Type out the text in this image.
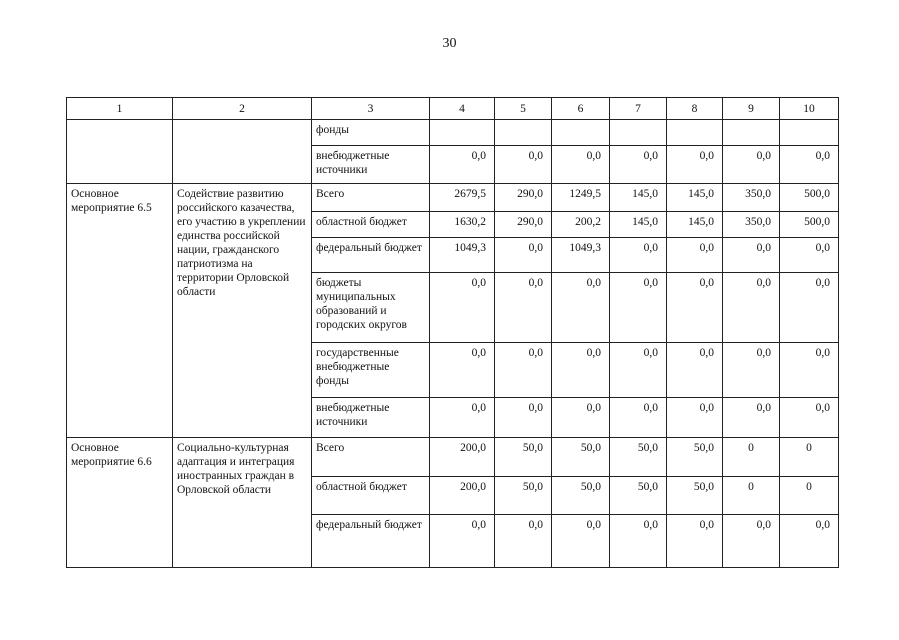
30
1	2	3	4	5	6	7	8	9	10
		фонды							
		внебюджетные источники	0,0	0,0	0,0	0,0	0,0	0,0	0,0
Основное мероприятие 6.5	Содействие развитию российского казачества, его участию в укреплении единства российской нации, гражданского патриотизма на территории Орловской области	Всего	2679,5	290,0	1249,5	145,0	145,0	350,0	500,0
		областной бюджет	1630,2	290,0	200,2	145,0	145,0	350,0	500,0
		федеральный бюджет	1049,3	0,0	1049,3	0,0	0,0	0,0	0,0
		бюджеты муниципальных образований и городских округов	0,0	0,0	0,0	0,0	0,0	0,0	0,0
		государственные внебюджетные фонды	0,0	0,0	0,0	0,0	0,0	0,0	0,0
		внебюджетные источники	0,0	0,0	0,0	0,0	0,0	0,0	0,0
Основное мероприятие 6.6	Социально-культурная адаптация и интеграция иностранных граждан в Орловской области	Всего	200,0	50,0	50,0	50,0	50,0	0	0
		областной бюджет	200,0	50,0	50,0	50,0	50,0	0	0
		федеральный бюджет	0,0	0,0	0,0	0,0	0,0	0,0	0,0
